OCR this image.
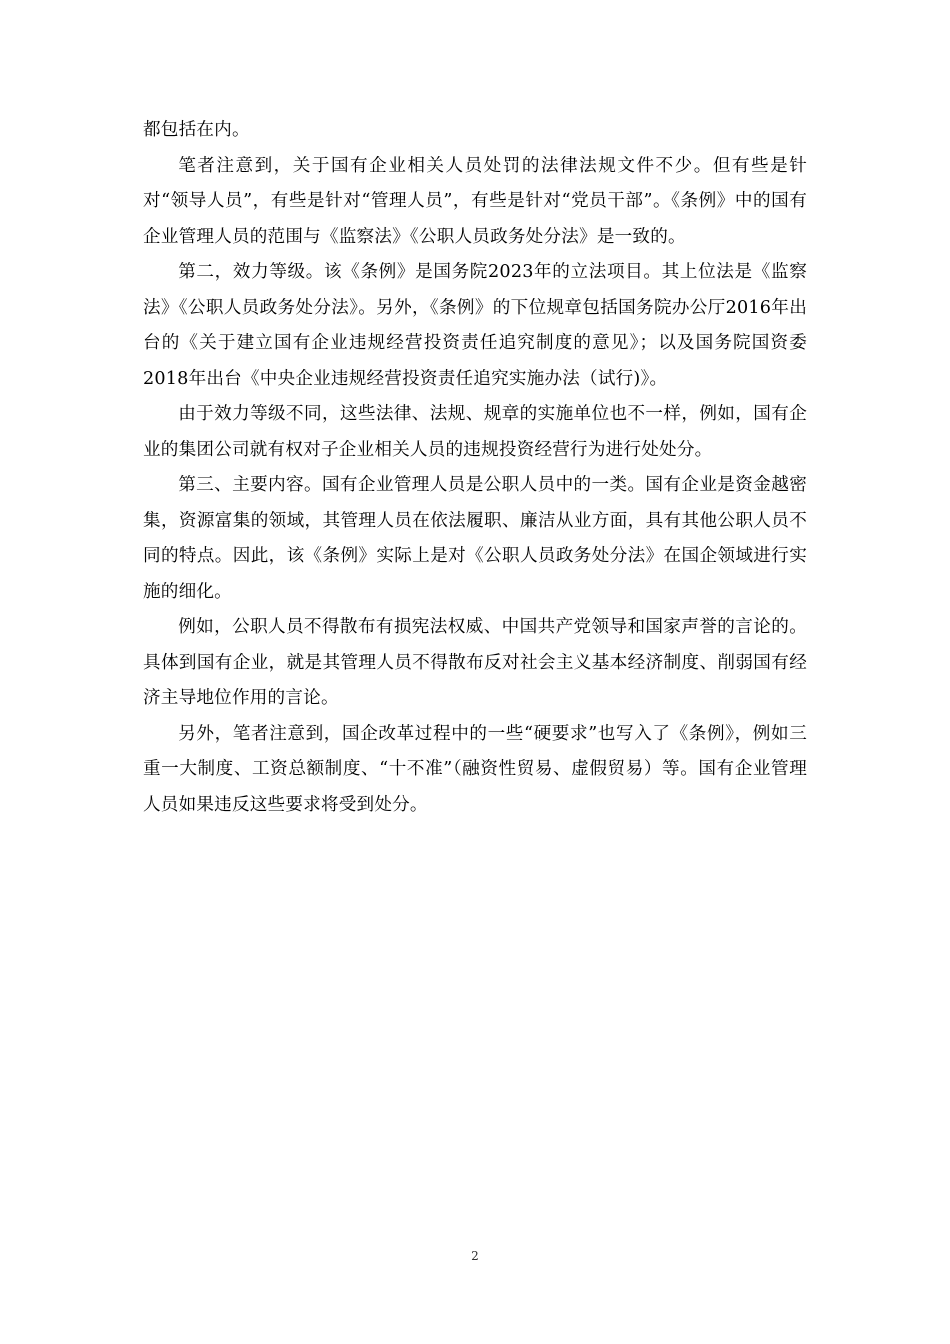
都包括在内。

笔者注意到，关于国有企业相关人员处罚的法律法规文件不少。但有些是针对“领导人员”，有些是针对“管理人员”，有些是针对“党员干部”。《条例》中的国有企业管理人员的范围与《监察法》《公职人员政务处分法》是一致的。

第二，效力等级。该《条例》是国务院2023年的立法项目。其上位法是《监察法》《公职人员政务处分法》。另外，《条例》的下位规章包括国务院办公厅2016年出台的《关于建立国有企业违规经营投资责任追究制度的意见》；以及国务院国资委　2018年出台《中央企业违规经营投资责任追究实施办法（试行)》。

由于效力等级不同，这些法律、法规、规章的实施单位也不一样，例如，国有企业的集团公司就有权对子企业相关人员的违规投资经营行为进行处处分。

第三、主要内容。国有企业管理人员是公职人员中的一类。国有企业是资金越密集，资源富集的领域，其管理人员在依法履职、廉洁从业方面，具有其他公职人员不同的特点。因此，该《条例》实际上是对《公职人员政务处分法》在国企领域进行实施的细化。

例如，公职人员不得散布有损宪法权威、中国共产党领导和国家声誉的言论的。具体到国有企业，就是其管理人员不得散布反对社会主义基本经济制度、削弱国有经济主导地位作用的言论。

另外，笔者注意到，国企改革过程中的一些“硬要求”也写入了《条例》，例如三重一大制度、工资总额制度、“十不准”（融资性贸易、虚假贸易）等。国有企业管理人员如果违反这些要求将受到处分。

2
